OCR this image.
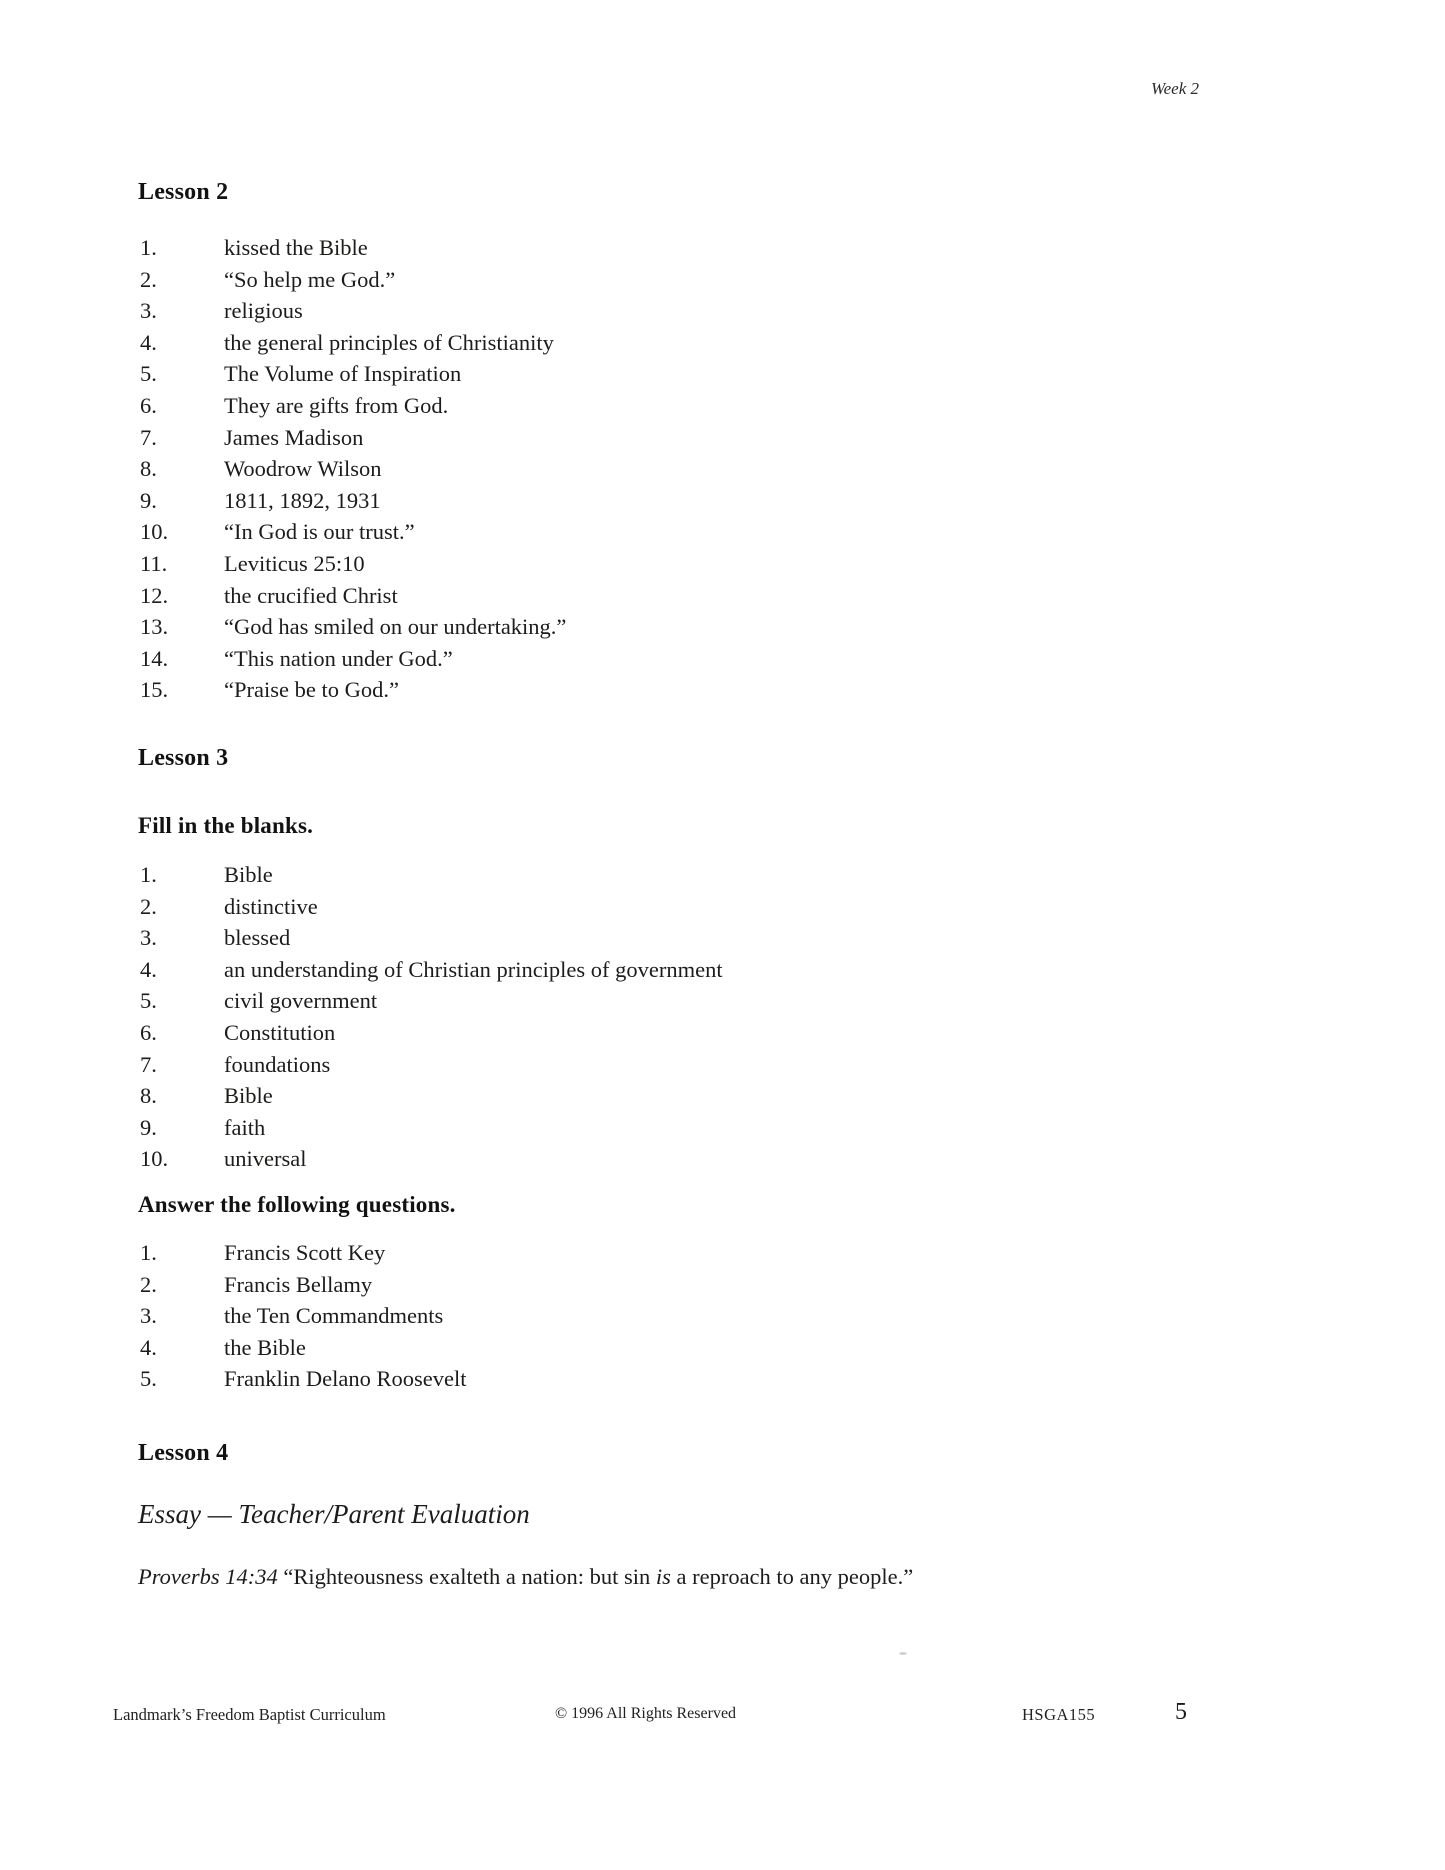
Week 2
Lesson 2
1.	kissed the Bible
2.	“So help me God.”
3.	religious
4.	the general principles of Christianity
5.	The Volume of Inspiration
6.	They are gifts from God.
7.	James Madison
8.	Woodrow Wilson
9.	1811, 1892, 1931
10. “In God is our trust.”
11.	Leviticus 25:10
12. the crucified Christ
13. “God has smiled on our undertaking.”
14. “This nation under God.”
15. “Praise be to God.”
Lesson 3
Fill in the blanks.
1.	Bible
2.	distinctive
3.	blessed
4.	an understanding of Christian principles of government
5.	civil government
6.	Constitution
7.	foundations
8.	Bible
9.	faith
10. universal
Answer the following questions.
1.	Francis Scott Key
2.	Francis Bellamy
3.	the Ten Commandments
4.	the Bible
5.	Franklin Delano Roosevelt
Lesson 4
Essay — Teacher/Parent Evaluation

Proverbs 14:34 “Righteousness exalteth a nation: but sin is a reproach to any people.”

Landmark’s Freedom Baptist Curriculum	© 1996 All Rights Reserved	HSGA155	5
